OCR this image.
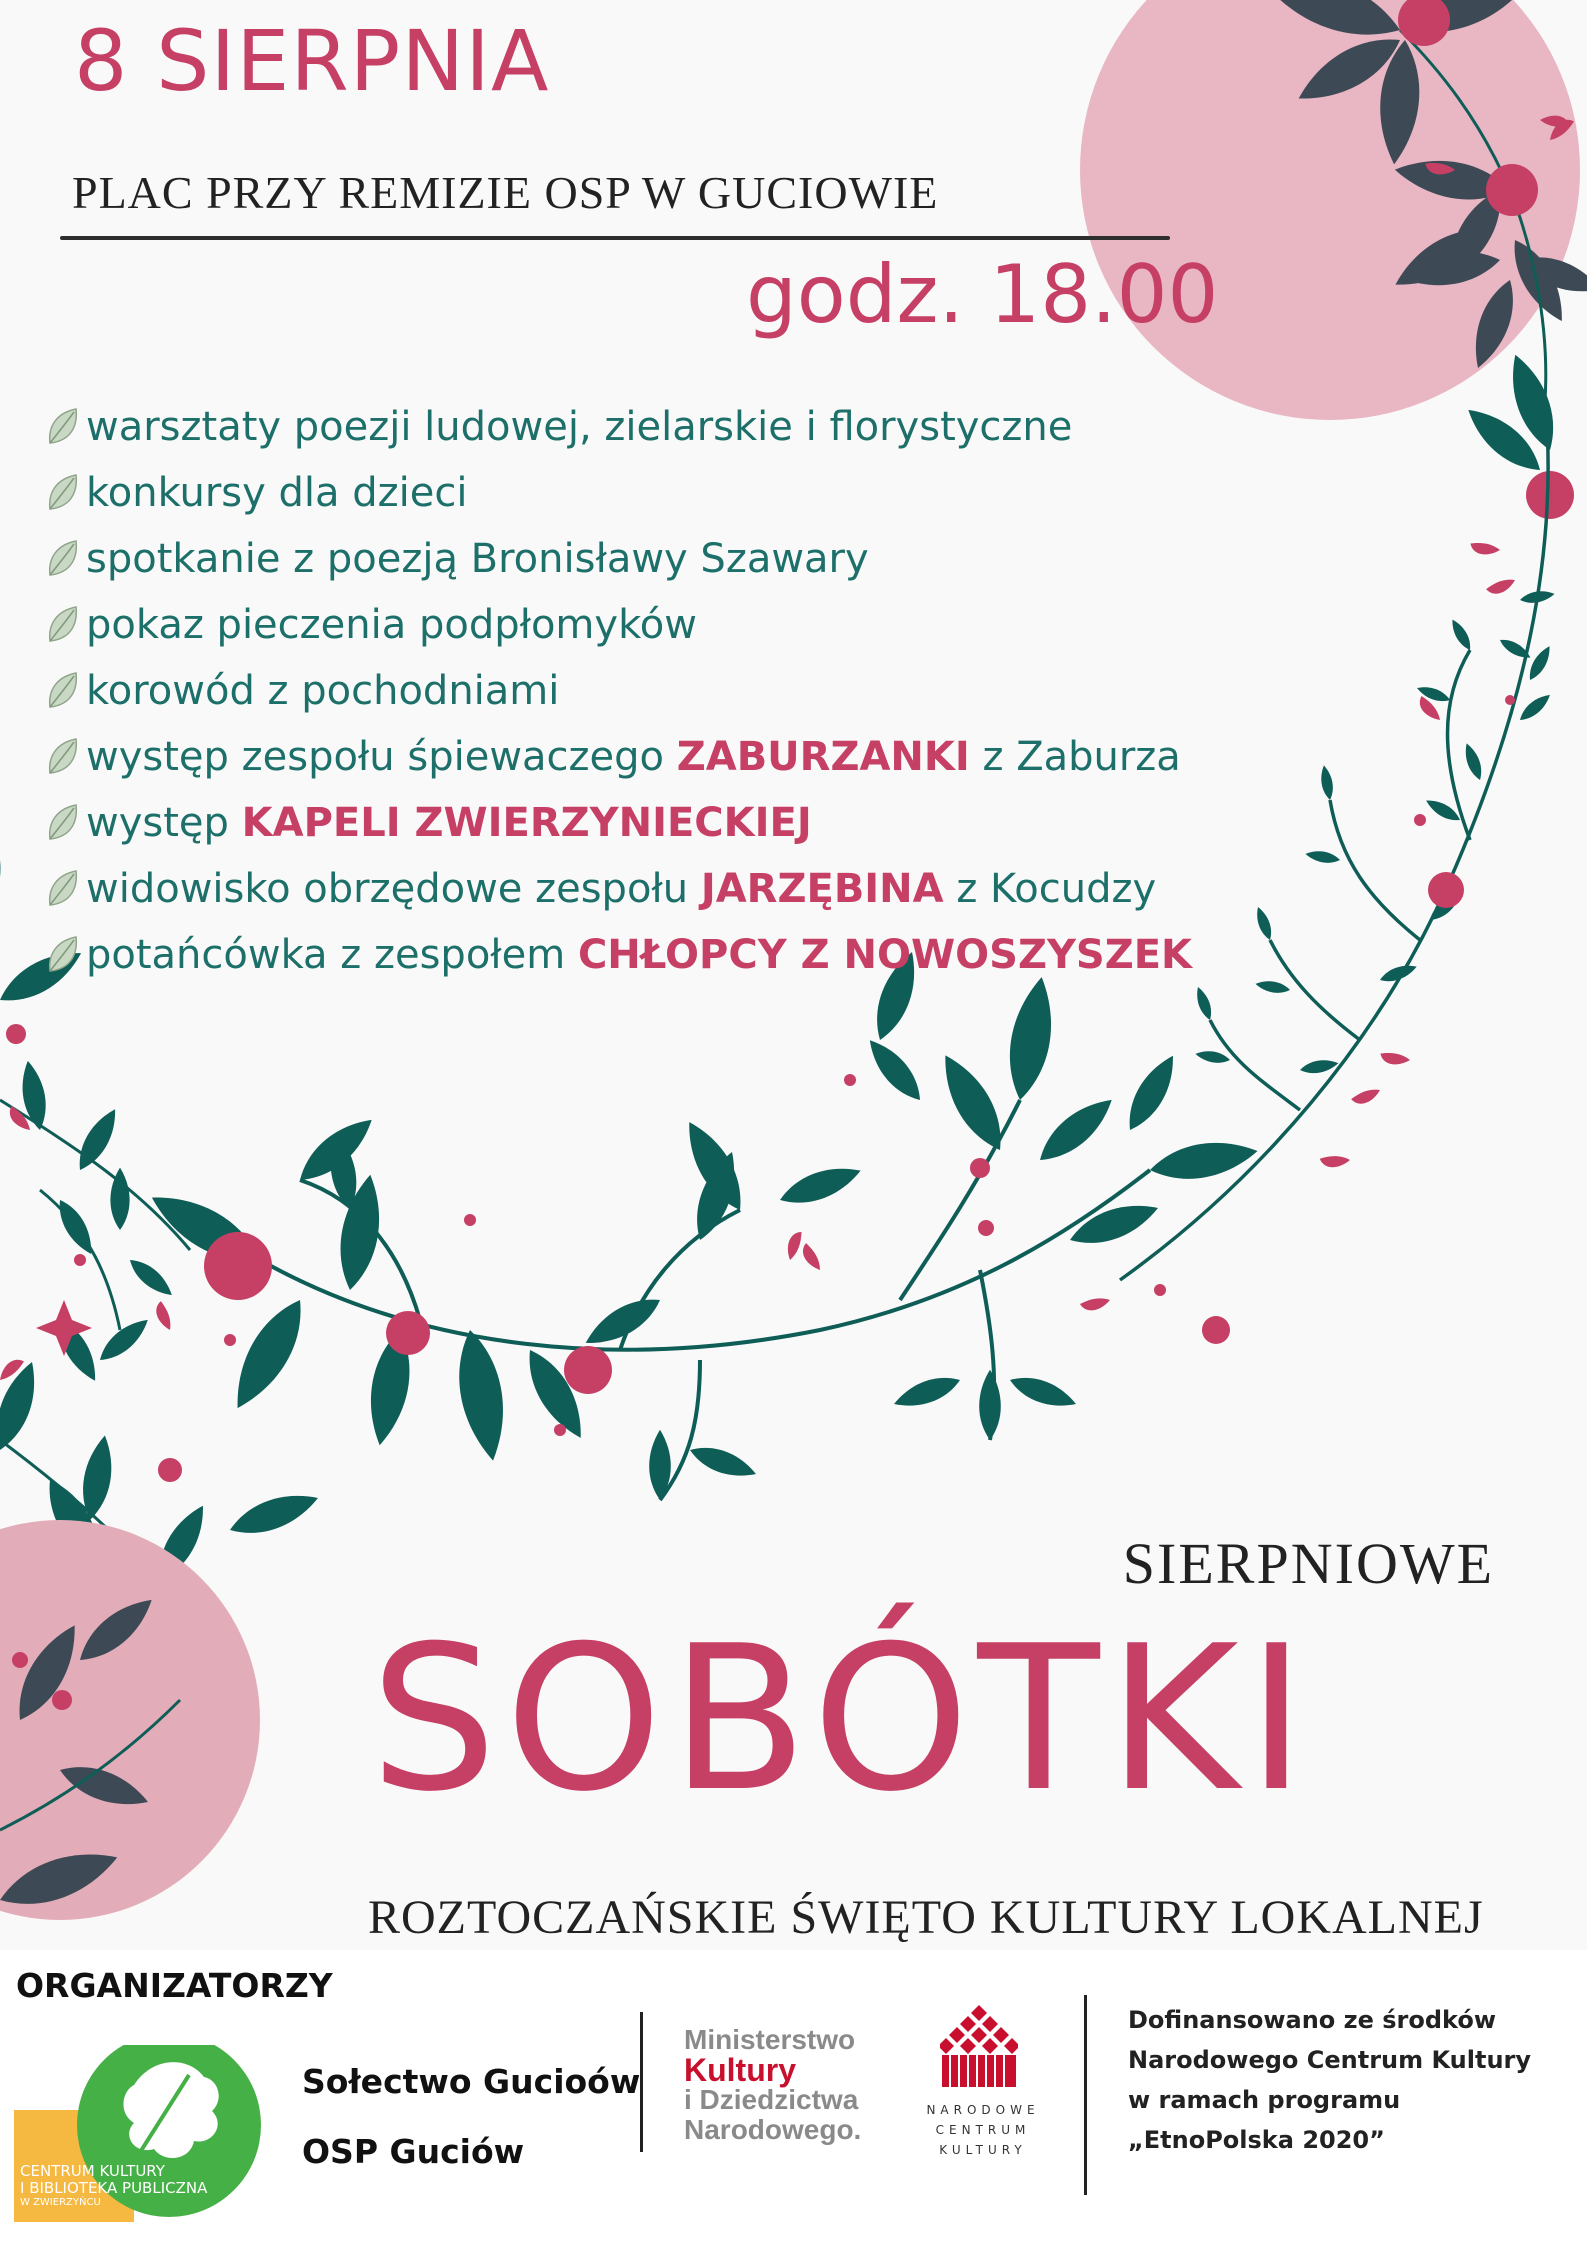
8 SIERPNIA
PLAC PRZY REMIZIE OSP W GUCIOWIE
godz. 18.00
warsztaty poezji ludowej, zielarskie i florystyczne
konkursy dla dzieci
spotkanie z poezją Bronisławy Szawary
pokaz pieczenia podpłomyków
korowód z pochodniami
występ zespołu śpiewaczego ZABURZANKI z Zaburza
występ KAPELI ZWIERZYNIECKIEJ
widowisko obrzędowe zespołu JARZĘBINA z Kocudzy
potańcówka z zespołem CHŁOPCY Z NOWOSZYSZEK
SIERPNIOWE
SOBÓTKI
ROZTOCZAŃSKIE ŚWIĘTO KULTURY LOKALNEJ
ORGANIZATORZY
CENTRUM KULTURY
I BIBLIOTEKA PUBLICZNA
W ZWIERZYŃCU
Sołectwo Gucioów
OSP Guciów
Ministerstwo
Kultury
i Dziedzictwa
Narodowego.
NARODOWE
CENTRUM
KULTURY
Dofinansowano ze środków
Narodowego Centrum Kultury
w ramach programu
„EtnoPolska 2020”
